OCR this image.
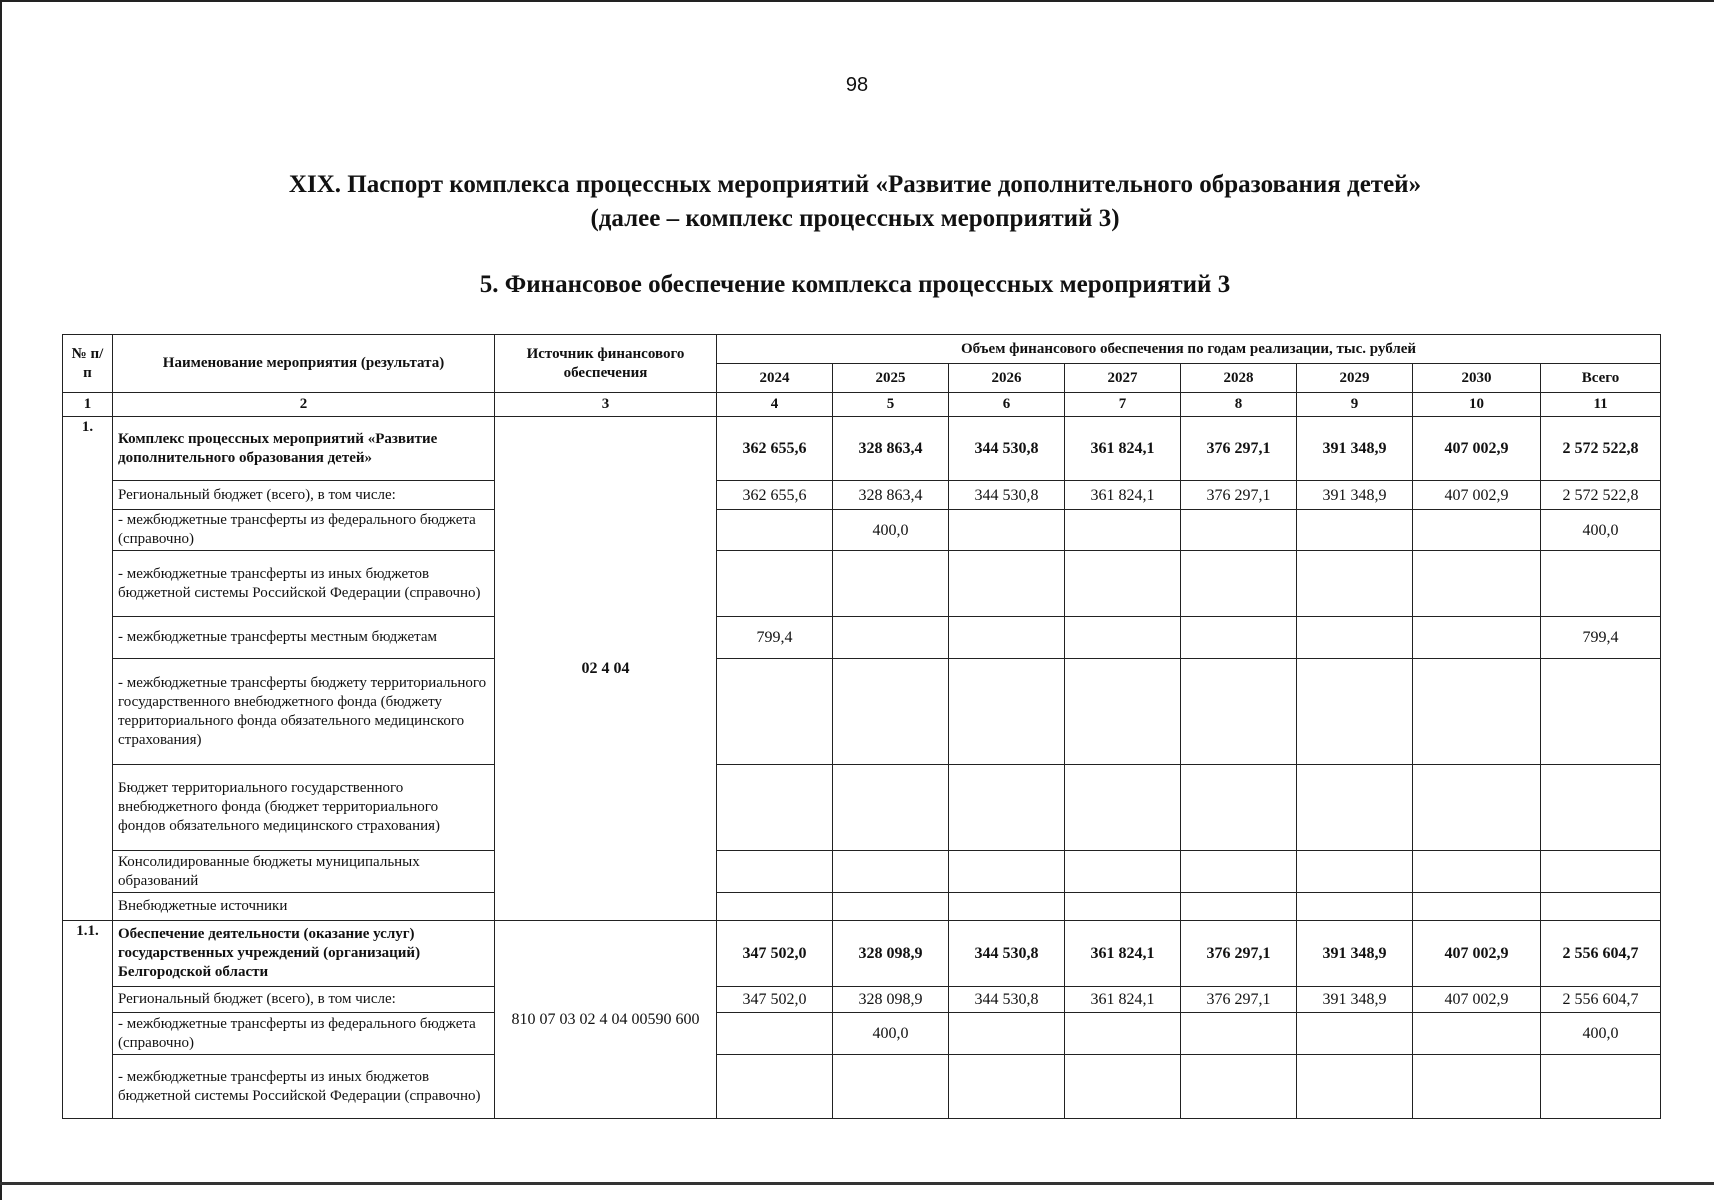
98
XIX. Паспорт комплекса процессных мероприятий «Развитие дополнительного образования детей»
(далее – комплекс процессных мероприятий 3)
5. Финансовое обеспечение комплекса процессных мероприятий 3
№ п/п	Наименование мероприятия (результата)	Источник финансового обеспечения	Объем финансового обеспечения по годам реализации, тыс. рублей							
			2024	2025	2026	2027	2028	2029	2030	Всего
1	2	3	4	5	6	7	8	9	10	11
1.	Комплекс процессных мероприятий «Развитие дополнительного образования детей»	02 4 04	362 655,6	328 863,4	344 530,8	361 824,1	376 297,1	391 348,9	407 002,9	2 572 522,8
	Региональный бюджет (всего), в том числе:		362 655,6	328 863,4	344 530,8	361 824,1	376 297,1	391 348,9	407 002,9	2 572 522,8
	- межбюджетные трансферты из федерального бюджета (справочно)			400,0						400,0
	- межбюджетные трансферты из иных бюджетов бюджетной системы Российской Федерации (справочно)									
	- межбюджетные трансферты местным бюджетам		799,4							799,4
	- межбюджетные трансферты бюджету территориального государственного внебюджетного фонда (бюджету территориального фонда обязательного медицинского страхования)									
	Бюджет территориального государственного внебюджетного фонда (бюджет территориального фондов обязательного медицинского страхования)									
	Консолидированные бюджеты муниципальных образований									
	Внебюджетные источники									
1.1.	Обеспечение деятельности (оказание услуг) государственных учреждений (организаций) Белгородской области	810 07 03 02 4 04 00590 600	347 502,0	328 098,9	344 530,8	361 824,1	376 297,1	391 348,9	407 002,9	2 556 604,7
	Региональный бюджет (всего), в том числе:		347 502,0	328 098,9	344 530,8	361 824,1	376 297,1	391 348,9	407 002,9	2 556 604,7
	- межбюджетные трансферты из федерального бюджета (справочно)			400,0						400,0
	- межбюджетные трансферты из иных бюджетов бюджетной системы Российской Федерации (справочно)									
